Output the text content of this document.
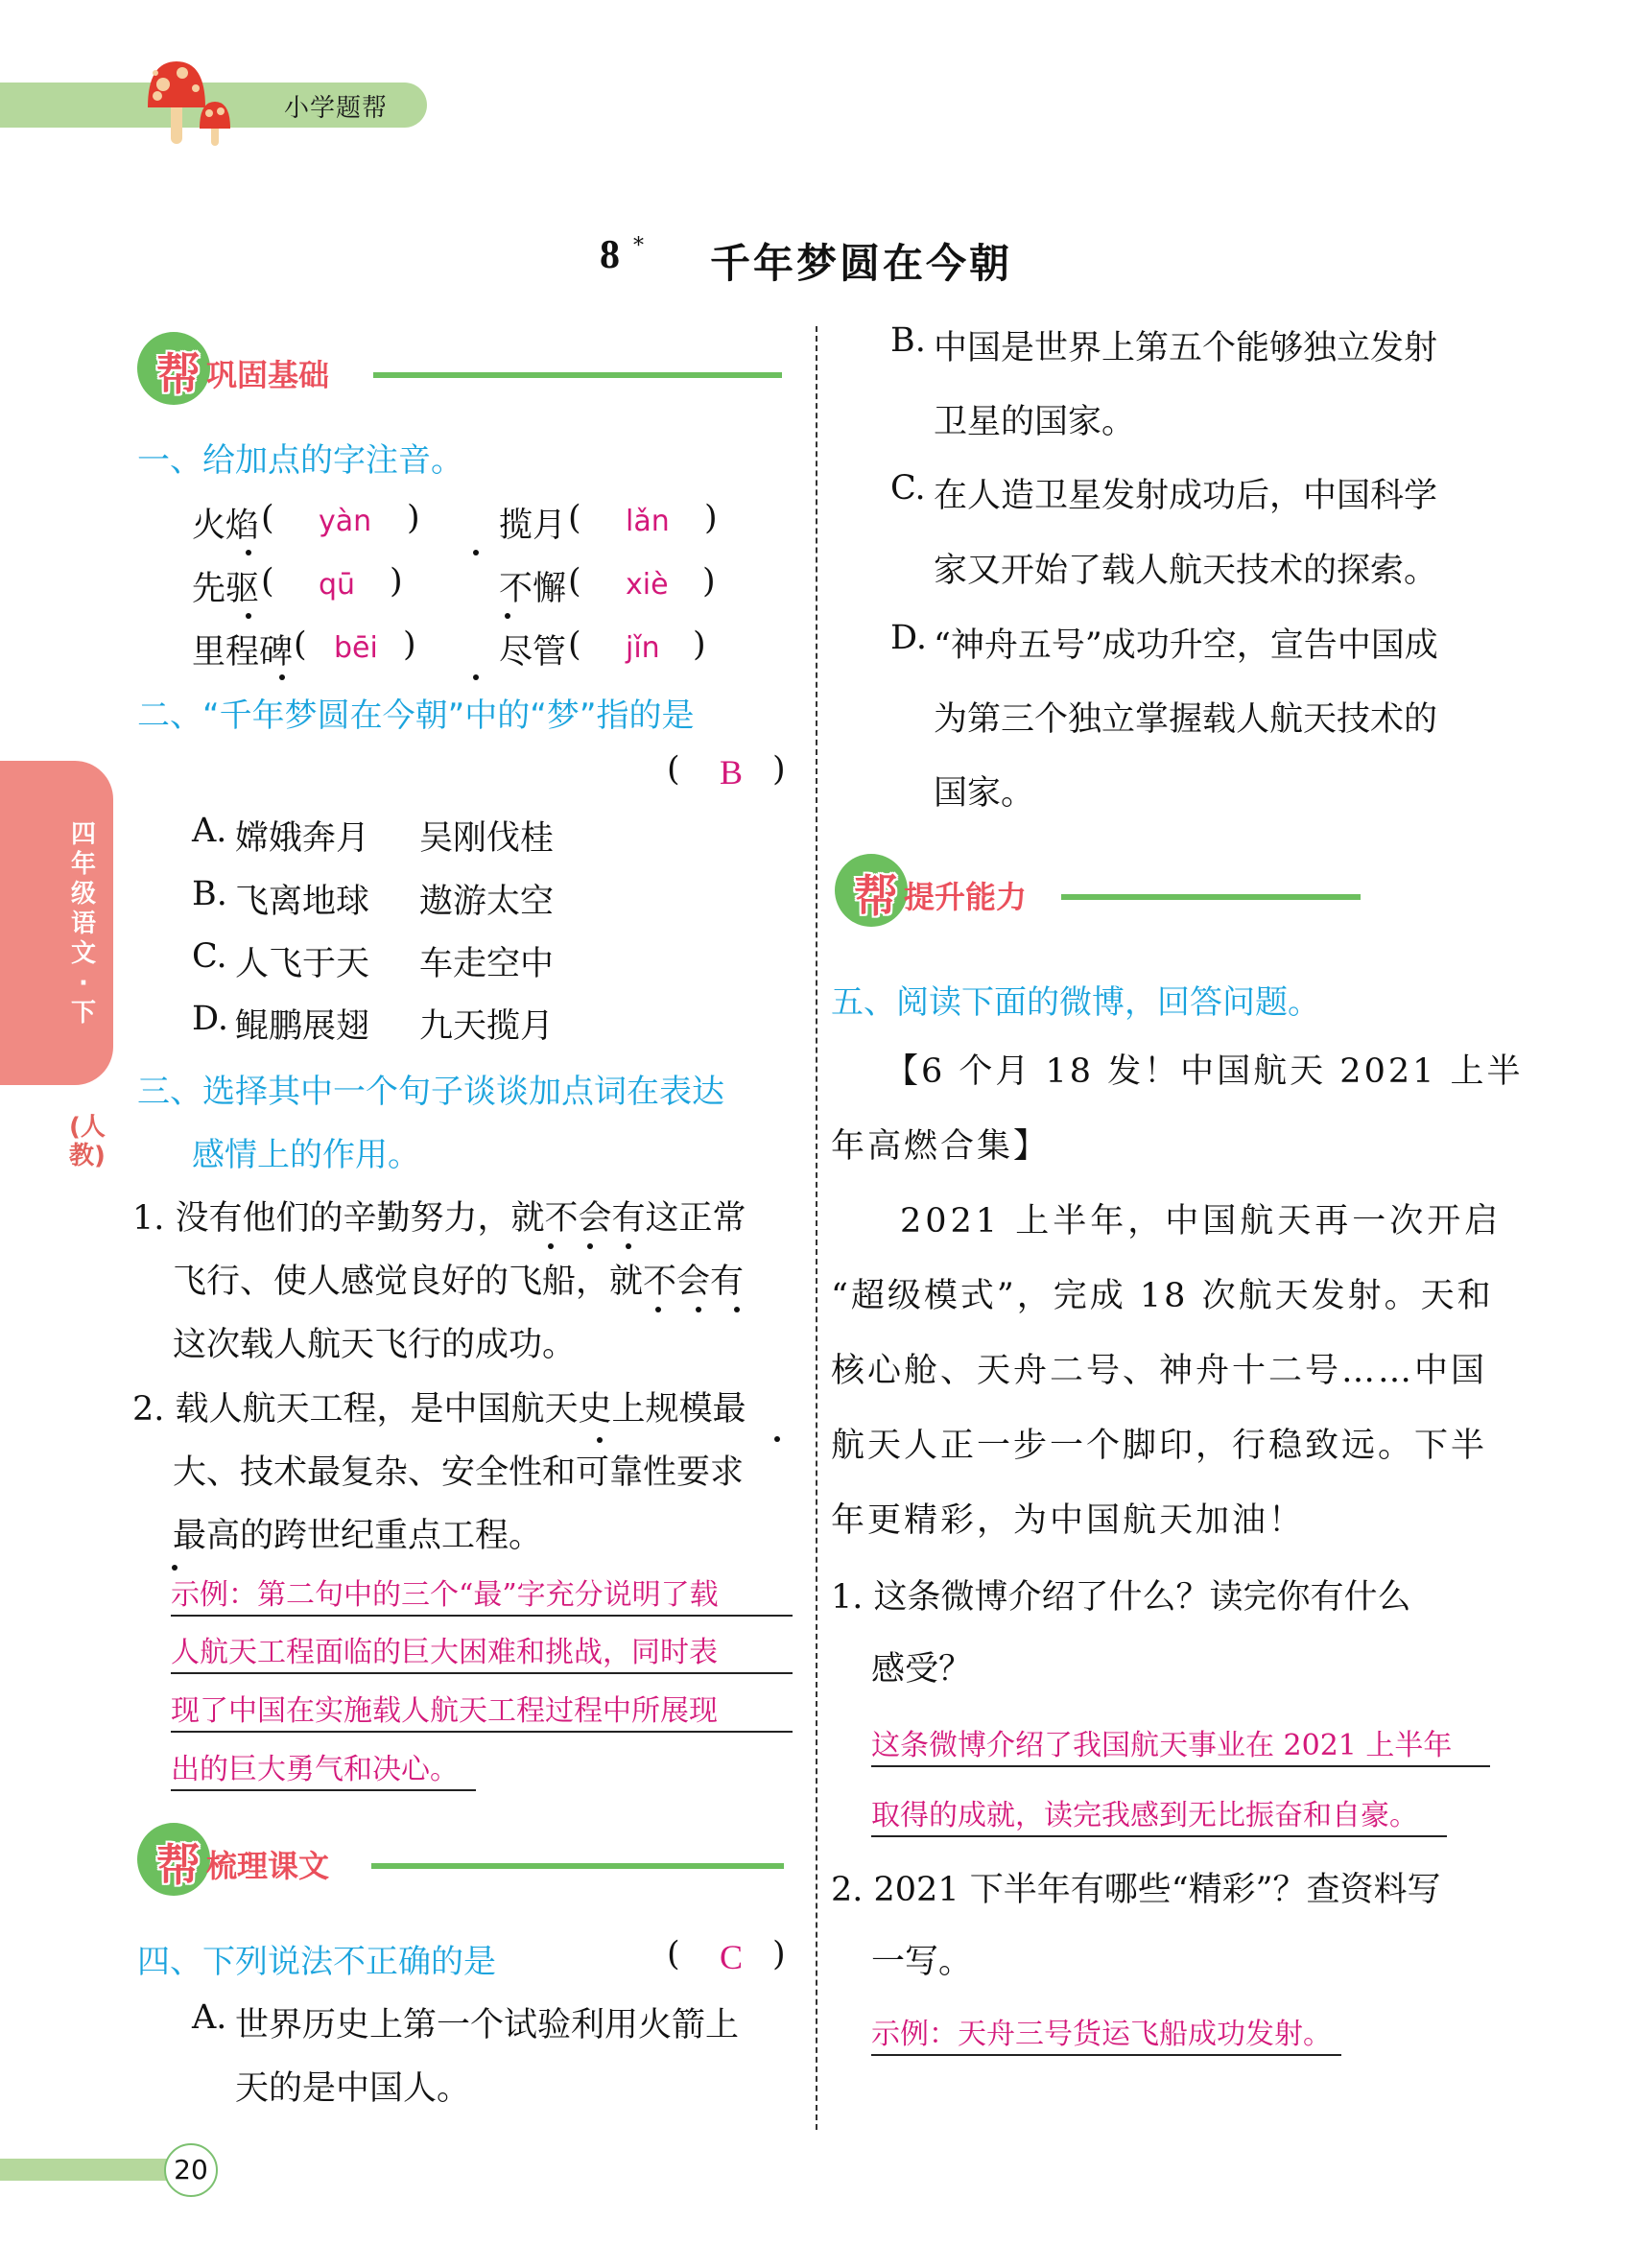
小学题帮
8 * 千年梦圆在今朝
四年级语文·下
(人教)
帮 巩固基础
一、给加点的字注音。
火焰 ( yàn ) 揽月 ( lǎn )
先驱 ( qū )	不懈 ( xiè )
里程碑 ( bēi ) 尽管 ( jǐn )
二、“千年梦圆在今朝”中的“梦”指的是
( B )
A. 嫦娥奔月 吴刚伐桂
B. 飞离地球 遨游太空
C. 人飞于天 车走空中
D. 鲲鹏展翅 九天揽月
三、选择其中一个句子谈谈加点词在表达
感情上的作用。
1. 没有他们的辛勤努力，就不会有这正常
飞行、使人感觉良好的飞船，就不会有
这次载人航天飞行的成功。
2. 载人航天工程，是中国航天史上规模最
大、技术最复杂、安全性和可靠性要求
最高的跨世纪重点工程。
示例：第二句中的三个“最”字充分说明了载
人航天工程面临的巨大困难和挑战，同时表
现了中国在实施载人航天工程过程中所展现
出的巨大勇气和决心。
帮 梳理课文
四、下列说法不正确的是	( C )
A. 世界历史上第一个试验利用火箭上
天的是中国人。
B. 中国是世界上第五个能够独立发射
卫星的国家。
C. 在人造卫星发射成功后，中国科学
家又开始了载人航天技术的探索。
D. “神舟五号”成功升空，宣告中国成
为第三个独立掌握载人航天技术的
国家。
帮 提升能力
五、阅读下面的微博，回答问题。
【6 个月 18 发！中国航天 2021 上半
年高燃合集】
2021 上半年，中国航天再一次开启
“超级模式”，完成 18 次航天发射。天和
核心舱、天舟二号、神舟十二号……中国
航天人正一步一个脚印，行稳致远。下半
年更精彩，为中国航天加油！
1. 这条微博介绍了什么？读完你有什么
感受？
这条微博介绍了我国航天事业在 2021 上半年
取得的成就，读完我感到无比振奋和自豪。
2. 2021 下半年有哪些“精彩”？查资料写
一写。
示例：天舟三号货运飞船成功发射。
20
